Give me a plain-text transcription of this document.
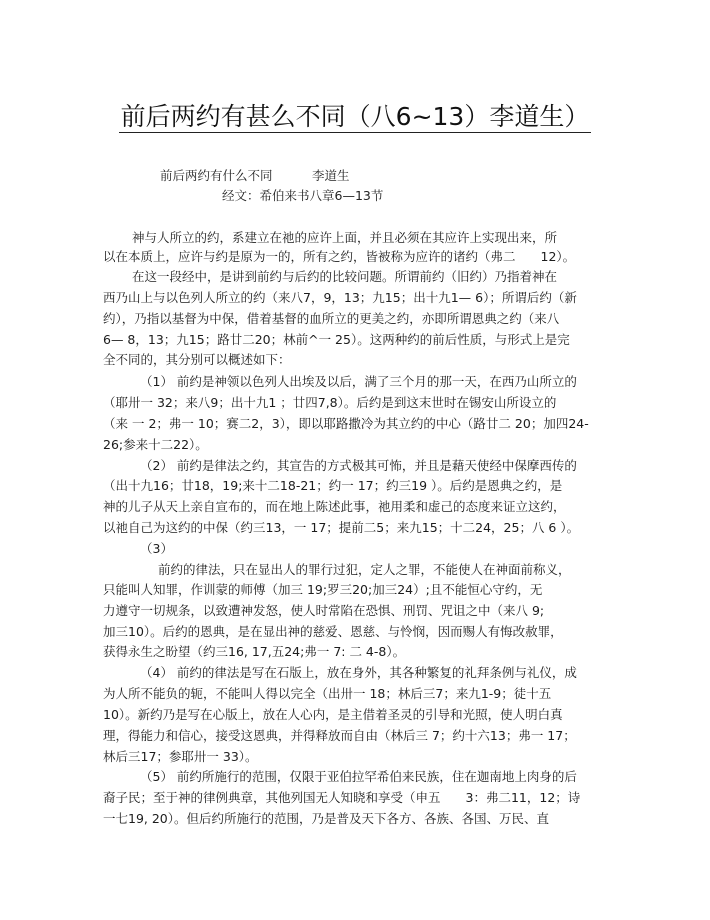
前后两约有甚么不同（八6~13）李道生）
前后两约有什么不同	李道生
经文：希伯来书八章6—13节
神与人所立的约，系建立在祂的应许上面，并且必须在其应许上实现出来，所
以在本质上，应许与约是原为一的，所有之约，皆被称为应许的诸约（弗二　　12）。
在这一段经中，是讲到前约与后约的比较问题。所谓前约（旧约）乃指着神在
西乃山上与以色列人所立的约（来八7，9，13；九15；出十九1— 6）；所谓后约（新
约），乃指以基督为中保，借着基督的血所立的更美之约，亦即所谓恩典之约（来八
6— 8，13；九15；路廿二20；林前^一 25）。这两种约的前后性质，与形式上是完
全不同的，其分别可以概述如下：
（1） 前约是神领以色列人出埃及以后，满了三个月的那一天，在西乃山所立的
（耶卅一 32；来八9；出十九1 ；廿四7,8）。后约是到这末世时在锡安山所设立的
（来 一 2；弗一 10；赛二2，3），即以耶路撒冷为其立约的中心（路廿二 20；加四24-
26;参来十二22）。
（2） 前约是律法之约，其宣告的方式极其可怖，并且是藉天使经中保摩西传的
（出十九16；廿18，19;来十二18-21；约一 17；约三19 ）。后约是恩典之约，是
神的儿子从天上亲自宣布的，而在地上陈述此事，祂用柔和虚己的态度来证立这约，
以祂自己为这约的中保（约三13，一 17；提前二5；来九15；十二24，25；八 6 ）。
（3）
前约的律法，只在显出人的罪行过犯，定人之罪，不能使人在神面前称义，
只能叫人知罪，作训蒙的师傅（加三 19;罗三20;加三24）;且不能恒心守约，无
力遵守一切规条，以致遭神发怒，使人时常陷在恐惧、刑罚、咒诅之中（来八 9;
加三10）。后约的恩典，是在显出神的慈爱、恩慈、与怜悯，因而赐人有悔改赦罪，
获得永生之盼望（约三16, 17,五24;弗一 7: 二 4-8）。
（4） 前约的律法是写在石版上，放在身外，其各种繁复的礼拜条例与礼仪，成
为人所不能负的轭，不能叫人得以完全（出卅一 18；林后三7；来九1-9；徒十五
10）。新约乃是写在心版上，放在人心内，是主借着圣灵的引导和光照，使人明白真
理，得能力和信心，接受这恩典，并得释放而自由（林后三 7；约十六13；弗一 17；
林后三17；参耶卅一 33）。
（5） 前约所施行的范围，仅限于亚伯拉罕希伯来民族，住在迦南地上肉身的后
裔子民；至于神的律例典章，其他列国无人知晓和享受（申五　　3：弗二11，12；诗
一七19, 20）。但后约所施行的范围，乃是普及天下各方、各族、各国、万民、直
